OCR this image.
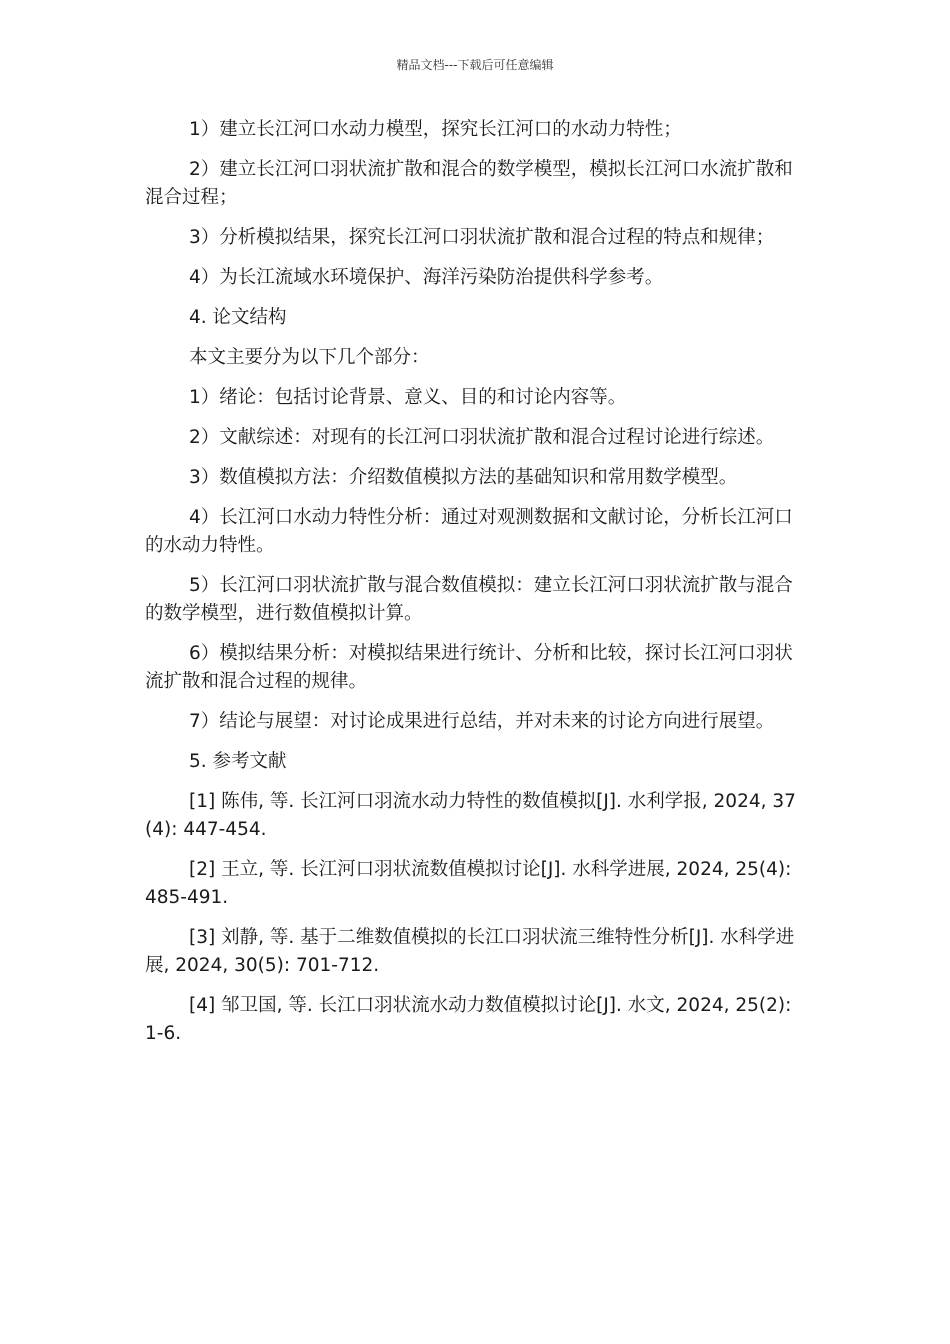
精品文档---下载后可任意编辑

1）建立长江河口水动力模型，探究长江河口的水动力特性；

2）建立长江河口羽状流扩散和混合的数学模型，模拟长江河口水流扩散和混合过程；

3）分析模拟结果，探究长江河口羽状流扩散和混合过程的特点和规律；

4）为长江流域水环境保护、海洋污染防治提供科学参考。

4. 论文结构

本文主要分为以下几个部分：

1）绪论：包括讨论背景、意义、目的和讨论内容等。

2）文献综述：对现有的长江河口羽状流扩散和混合过程讨论进行综述。

3）数值模拟方法：介绍数值模拟方法的基础知识和常用数学模型。

4）长江河口水动力特性分析：通过对观测数据和文献讨论，分析长江河口的水动力特性。

5）长江河口羽状流扩散与混合数值模拟：建立长江河口羽状流扩散与混合的数学模型，进行数值模拟计算。

6）模拟结果分析：对模拟结果进行统计、分析和比较，探讨长江河口羽状流扩散和混合过程的规律。

7）结论与展望：对讨论成果进行总结，并对未来的讨论方向进行展望。

5. 参考文献

[1] 陈伟, 等. 长江河口羽流水动力特性的数值模拟[J]. 水利学报, 2024, 37(4): 447-454.

[2] 王立, 等. 长江河口羽状流数值模拟讨论[J]. 水科学进展, 2024, 25(4): 485-491.

[3] 刘静, 等. 基于二维数值模拟的长江口羽状流三维特性分析[J]. 水科学进展, 2024, 30(5): 701-712.

[4] 邹卫国, 等. 长江口羽状流水动力数值模拟讨论[J]. 水文, 2024, 25(2): 1-6.
